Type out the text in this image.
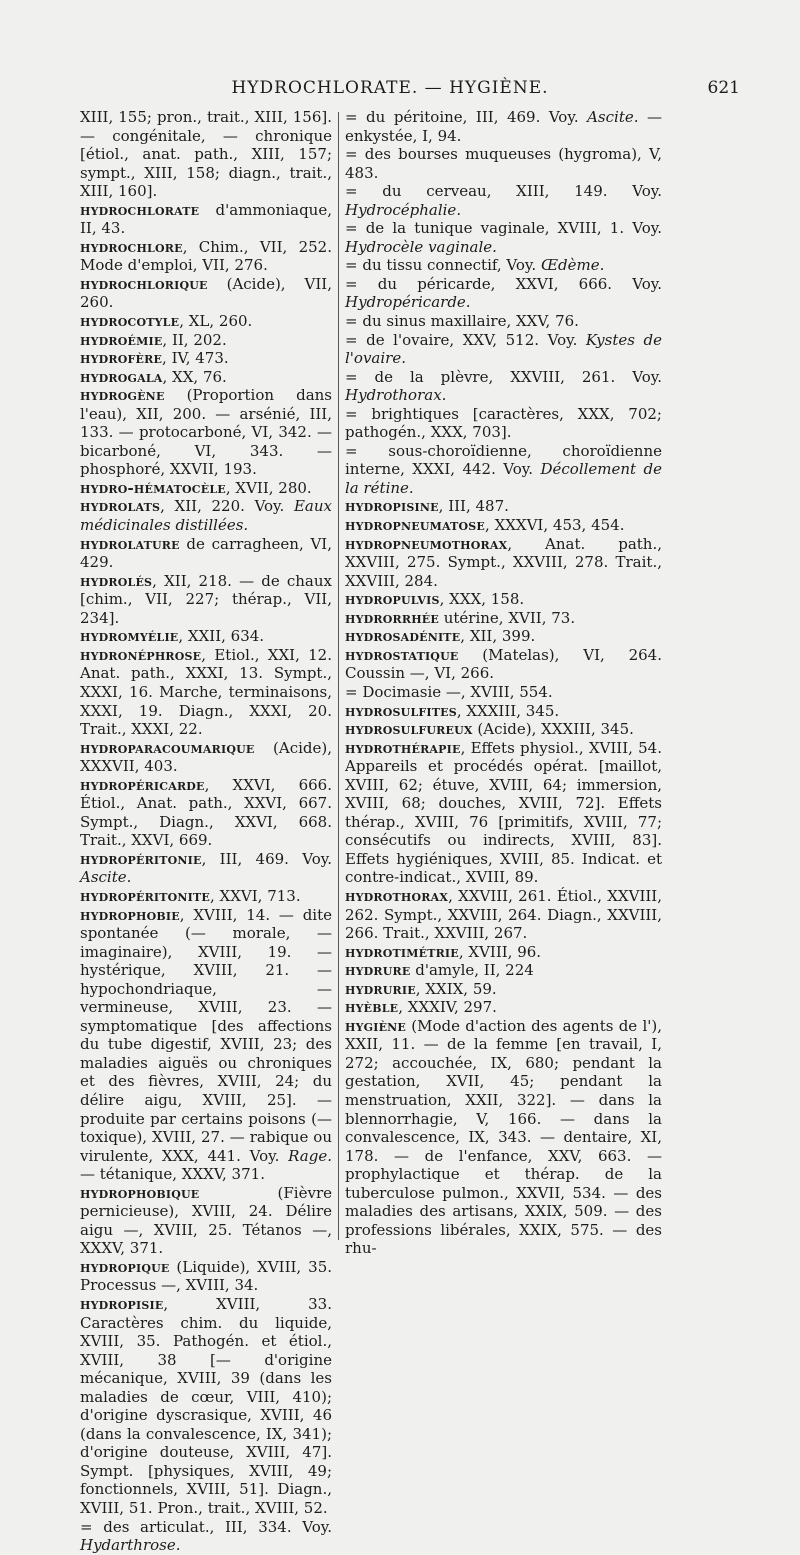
HYDROCHLORATE. — HYGIÈNE.	621

XIII, 155; pron., trait., XIII, 156]. — congénitale, — chronique [étiol., anat. path., XIII, 157; sympt., XIII, 158; diagn., trait., XIII, 160].

hydrochlorate d'ammoniaque, II, 43.

hydrochlore, Chim., VII, 252. Mode d'emploi, VII, 276.

hydrochlorique (Acide), VII, 260.

hydrocotyle, XL, 260.

hydroémie, II, 202.

hydrofère, IV, 473.

hydrogala, XX, 76.

hydrogène (Proportion dans l'eau), XII, 200. — arsénié, III, 133. — protocarboné, VI, 342. — bicarboné, VI, 343. — phosphoré, XXVII, 193.

hydro-hématocèle, XVII, 280.

hydrolats, XII, 220. Voy. Eaux médicinales distillées.

hydrolature de carragheen, VI, 429.

hydrolés, XII, 218. — de chaux [chim., VII, 227; thérap., VII, 234].

hydromyélie, XXII, 634.

hydronéphrose, Etiol., XXI, 12. Anat. path., XXXI, 13. Sympt., XXXI, 16. Marche, terminaisons, XXXI, 19. Diagn., XXXI, 20. Trait., XXXI, 22.

hydroparacoumarique (Acide), XXXVII, 403.

hydropéricarde, XXVI, 666. Étiol., Anat. path., XXVI, 667. Sympt., Diagn., XXVI, 668. Trait., XXVI, 669.

hydropéritonie, III, 469. Voy. Ascite.

hydropéritonite, XXVI, 713.

hydrophobie, XVIII, 14. — dite spontanée (— morale, — imaginaire), XVIII, 19. — hystérique, XVIII, 21. — hypochondriaque, — vermineuse, XVIII, 23. — symptomatique [des affections du tube digestif, XVIII, 23; des maladies aiguës ou chroniques et des fièvres, XVIII, 24; du délire aigu, XVIII, 25]. — produite par certains poisons (— toxique), XVIII, 27. — rabique ou virulente, XXX, 441. Voy. Rage. — tétanique, XXXV, 371.

hydrophobique (Fièvre pernicieuse), XVIII, 24. Délire aigu —, XVIII, 25. Tétanos —, XXXV, 371.

hydropique (Liquide), XVIII, 35. Processus —, XVIII, 34.

hydropisie, XVIII, 33. Caractères chim. du liquide, XVIII, 35. Pathogén. et étiol., XVIII, 38 [— d'origine mécanique, XVIII, 39 (dans les maladies de cœur, VIII, 410); d'origine dyscrasique, XVIII, 46 (dans la convalescence, IX, 341); d'origine douteuse, XVIII, 47]. Sympt. [physiques, XVIII, 49; fonctionnels, XVIII, 51]. Diagn., XVIII, 51. Pron., trait., XVIII, 52.

= des articulat., III, 334. Voy. Hydarthrose.

= du péritoine, III, 469. Voy. Ascite. — enkystée, I, 94.

= des bourses muqueuses (hygroma), V, 483.

= du cerveau, XIII, 149. Voy. Hydrocéphalie.

= de la tunique vaginale, XVIII, 1. Voy. Hydrocèle vaginale.

= du tissu connectif, Voy. Œdème.

= du péricarde, XXVI, 666. Voy. Hydropéricarde.

= du sinus maxillaire, XXV, 76.

= de l'ovaire, XXV, 512. Voy. Kystes de l'ovaire.

= de la plèvre, XXVIII, 261. Voy. Hydrothorax.

= brightiques [caractères, XXX, 702; pathogén., XXX, 703].

= sous-choroïdienne, choroïdienne interne, XXXI, 442. Voy. Décollement de la rétine.

hydropisine, III, 487.

hydropneumatose, XXXVI, 453, 454.

hydropneumothorax, Anat. path., XXVIII, 275. Sympt., XXVIII, 278. Trait., XXVIII, 284.

hydropulvis, XXX, 158.

hydrorrhée utérine, XVII, 73.

hydrosadénite, XII, 399.

hydrostatique (Matelas), VI, 264. Coussin —, VI, 266.

= Docimasie —, XVIII, 554.

hydrosulfites, XXXIII, 345.

hydrosulfureux (Acide), XXXIII, 345.

hydrothérapie, Effets physiol., XVIII, 54. Appareils et procédés opérat. [maillot, XVIII, 62; étuve, XVIII, 64; immersion, XVIII, 68; douches, XVIII, 72]. Effets thérap., XVIII, 76 [primitifs, XVIII, 77; consécutifs ou indirects, XVIII, 83]. Effets hygiéniques, XVIII, 85. Indicat. et contre-indicat., XVIII, 89.

hydrothorax, XXVIII, 261. Étiol., XXVIII, 262. Sympt., XXVIII, 264. Diagn., XXVIII, 266. Trait., XXVIII, 267.

hydrotimétrie, XVIII, 96.

hydrure d'amyle, II, 224

hydrurie, XXIX, 59.

hyèble, XXXIV, 297.

hygiène (Mode d'action des agents de l'), XXII, 11. — de la femme [en travail, I, 272; accouchée, IX, 680; pendant la gestation, XVII, 45; pendant la menstruation, XXII, 322]. — dans la blennorrhagie, V, 166. — dans la convalescence, IX, 343. — dentaire, XI, 178. — de l'enfance, XXV, 663. — prophylactique et thérap. de la tuberculose pulmon., XXVII, 534. — des maladies des artisans, XXIX, 509. — des professions libérales, XXIX, 575. — des rhu-
